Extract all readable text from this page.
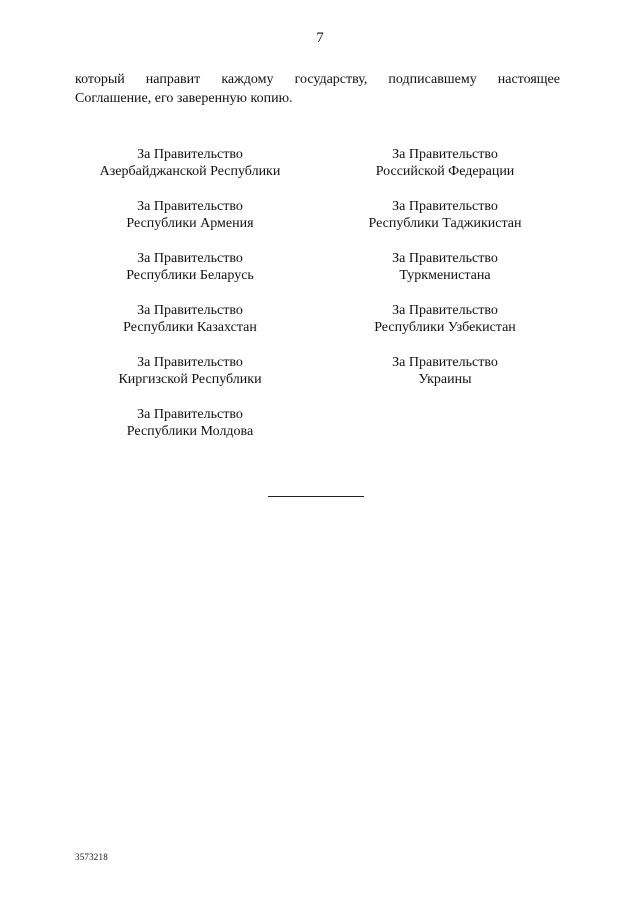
7
который направит каждому государству, подписавшему настоящее
Соглашение, его заверенную копию.
За Правительство
Азербайджанской Республики
За Правительство
Республики Армения
За Правительство
Республики Беларусь
За Правительство
Республики Казахстан
За Правительство
Киргизской Республики
За Правительство
Республики Молдова
За Правительство
Российской Федерации
За Правительство
Республики Таджикистан
За Правительство
Туркменистана
За Правительство
Республики Узбекистан
За Правительство
Украины
3573218
